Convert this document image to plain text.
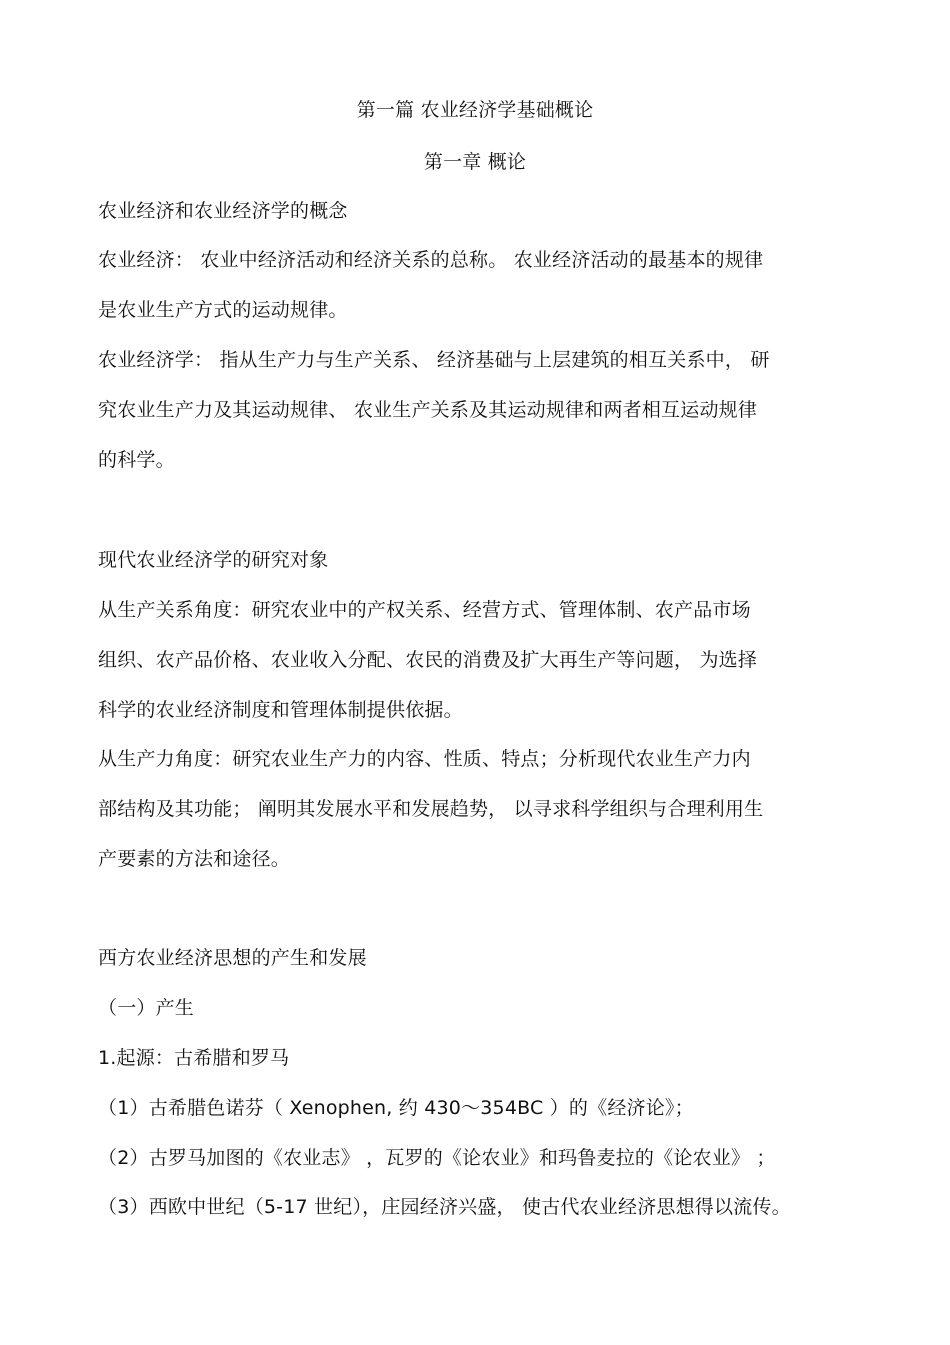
第一篇 农业经济学基础概论
第一章 概论
农业经济和农业经济学的概念
农业经济： 农业中经济活动和经济关系的总称。 农业经济活动的最基本的规律
是农业生产方式的运动规律。
农业经济学： 指从生产力与生产关系、 经济基础与上层建筑的相互关系中， 研
究农业生产力及其运动规律、 农业生产关系及其运动规律和两者相互运动规律
的科学。
现代农业经济学的研究对象
从生产关系角度：研究农业中的产权关系、经营方式、管理体制、农产品市场
组织、农产品价格、农业收入分配、农民的消费及扩大再生产等问题， 为选择
科学的农业经济制度和管理体制提供依据。
从生产力角度：研究农业生产力的内容、性质、特点；分析现代农业生产力内
部结构及其功能； 阐明其发展水平和发展趋势， 以寻求科学组织与合理利用生
产要素的方法和途径。
西方农业经济思想的产生和发展
（一）产生
1.起源：古希腊和罗马
（1）古希腊色诺芬（ Xenophen, 约 430～354BC ）的《经济论》；
（2）古罗马加图的《农业志》 ，瓦罗的《论农业》和玛鲁麦拉的《论农业》 ；
（3）西欧中世纪（5-17 世纪），庄园经济兴盛， 使古代农业经济思想得以流传。
